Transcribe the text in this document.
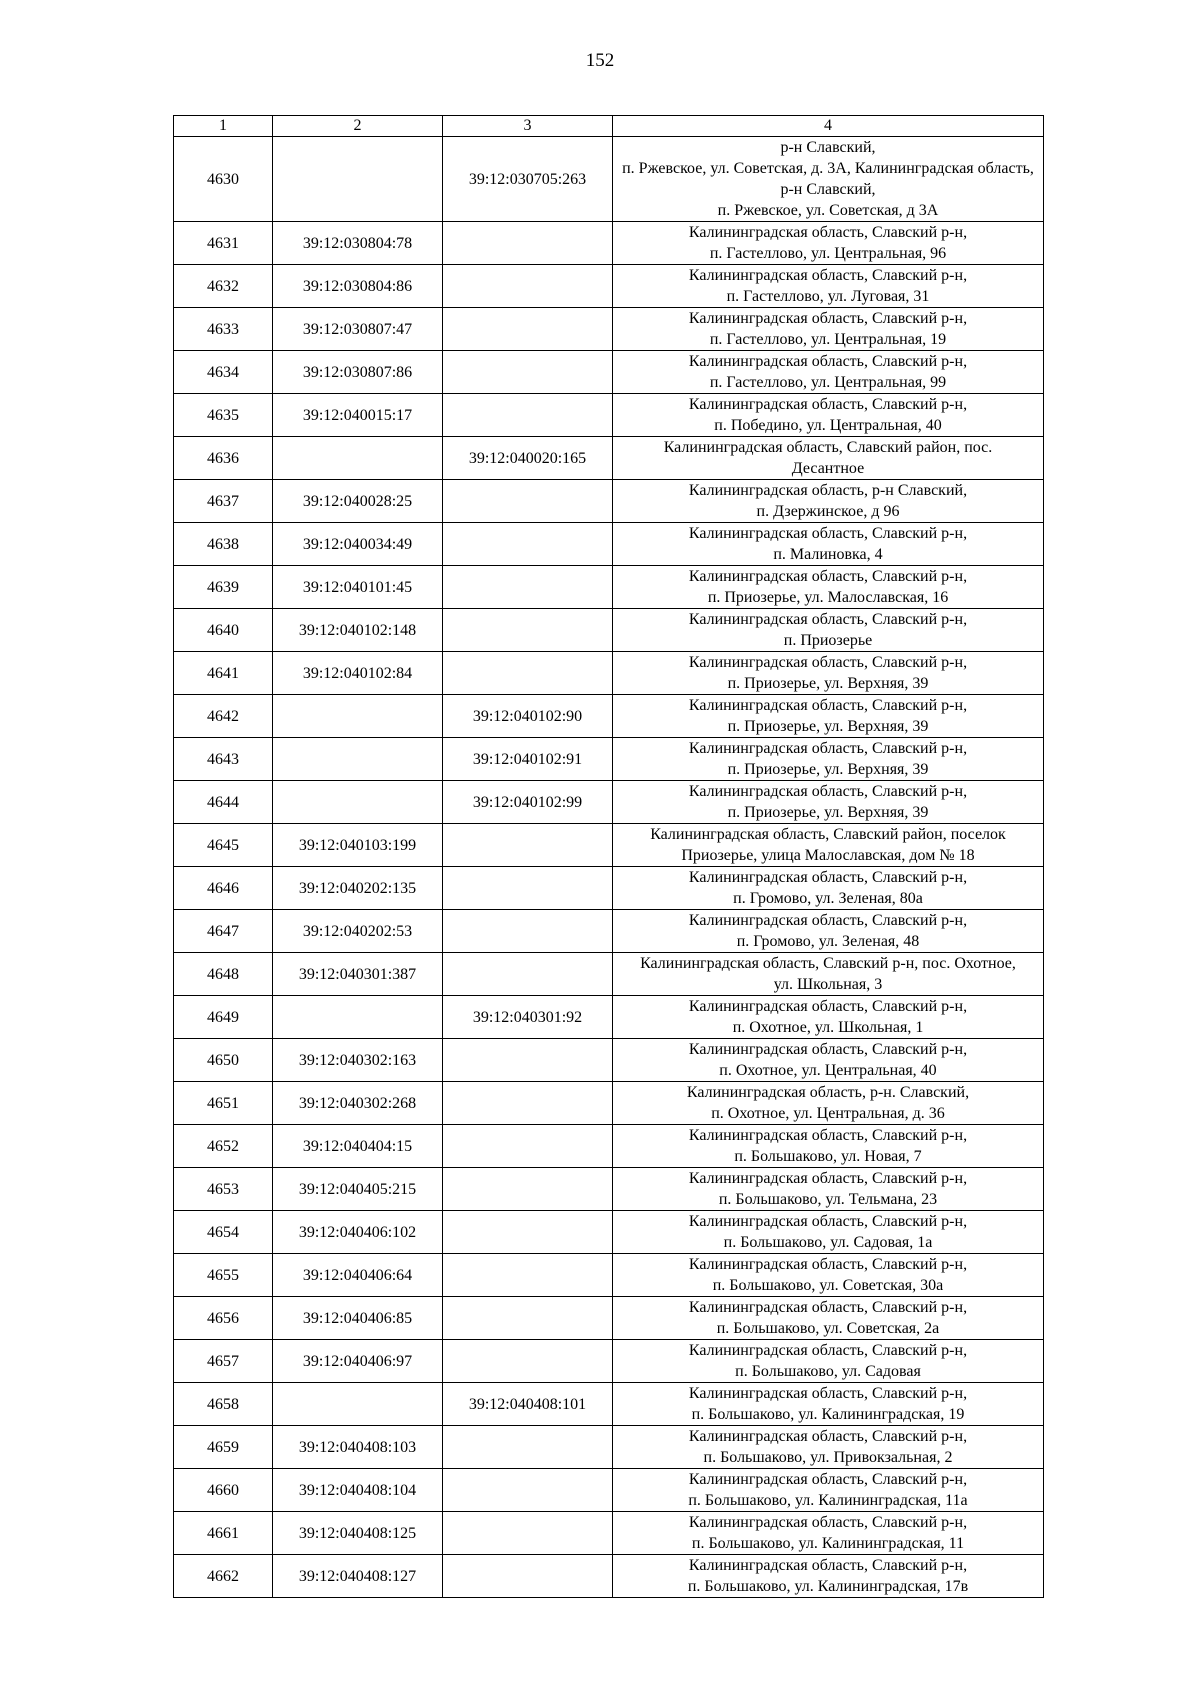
152
1	2	3	4
4630		39:12:030705:263	р-н Славский,
п. Ржевское, ул. Советская, д. 3А, Калининградская область, р-н Славский,
п. Ржевское, ул. Советская, д 3А
4631	39:12:030804:78		Калининградская область, Славский р-н,
п. Гастеллово, ул. Центральная, 96
4632	39:12:030804:86		Калининградская область, Славский р-н,
п. Гастеллово, ул. Луговая, 31
4633	39:12:030807:47		Калининградская область, Славский р-н,
п. Гастеллово, ул. Центральная, 19
4634	39:12:030807:86		Калининградская область, Славский р-н,
п. Гастеллово, ул. Центральная, 99
4635	39:12:040015:17		Калининградская область, Славский р-н,
п. Победино, ул. Центральная, 40
4636		39:12:040020:165	Калининградская область, Славский район, пос.
Десантное
4637	39:12:040028:25		Калининградская область, р-н Славский,
п. Дзержинское, д 96
4638	39:12:040034:49		Калининградская область, Славский р-н,
п. Малиновка, 4
4639	39:12:040101:45		Калининградская область, Славский р-н,
п. Приозерье, ул. Малославская, 16
4640	39:12:040102:148		Калининградская область, Славский р-н,
п. Приозерье
4641	39:12:040102:84		Калининградская область, Славский р-н,
п. Приозерье, ул. Верхняя, 39
4642		39:12:040102:90	Калининградская область, Славский р-н,
п. Приозерье, ул. Верхняя, 39
4643		39:12:040102:91	Калининградская область, Славский р-н,
п. Приозерье, ул. Верхняя, 39
4644		39:12:040102:99	Калининградская область, Славский р-н,
п. Приозерье, ул. Верхняя, 39
4645	39:12:040103:199		Калининградская область, Славский район, поселок
Приозерье, улица Малославская, дом № 18
4646	39:12:040202:135		Калининградская область, Славский р-н,
п. Громово, ул. Зеленая, 80а
4647	39:12:040202:53		Калининградская область, Славский р-н,
п. Громово, ул. Зеленая, 48
4648	39:12:040301:387		Калининградская область, Славский р-н, пос. Охотное,
ул. Школьная, 3
4649		39:12:040301:92	Калининградская область, Славский р-н,
п. Охотное, ул. Школьная, 1
4650	39:12:040302:163		Калининградская область, Славский р-н,
п. Охотное, ул. Центральная, 40
4651	39:12:040302:268		Калининградская область, р-н. Славский,
п. Охотное, ул. Центральная, д. 36
4652	39:12:040404:15		Калининградская область, Славский р-н,
п. Большаково, ул. Новая, 7
4653	39:12:040405:215		Калининградская область, Славский р-н,
п. Большаково, ул. Тельмана, 23
4654	39:12:040406:102		Калининградская область, Славский р-н,
п. Большаково, ул. Садовая, 1а
4655	39:12:040406:64		Калининградская область, Славский р-н,
п. Большаково, ул. Советская, 30а
4656	39:12:040406:85		Калининградская область, Славский р-н,
п. Большаково, ул. Советская, 2а
4657	39:12:040406:97		Калининградская область, Славский р-н,
п. Большаково, ул. Садовая
4658		39:12:040408:101	Калининградская область, Славский р-н,
п. Большаково, ул. Калининградская, 19
4659	39:12:040408:103		Калининградская область, Славский р-н,
п. Большаково, ул. Привокзальная, 2
4660	39:12:040408:104		Калининградская область, Славский р-н,
п. Большаково, ул. Калининградская, 11а
4661	39:12:040408:125		Калининградская область, Славский р-н,
п. Большаково, ул. Калининградская, 11
4662	39:12:040408:127		Калининградская область, Славский р-н,
п. Большаково, ул. Калининградская, 17в
